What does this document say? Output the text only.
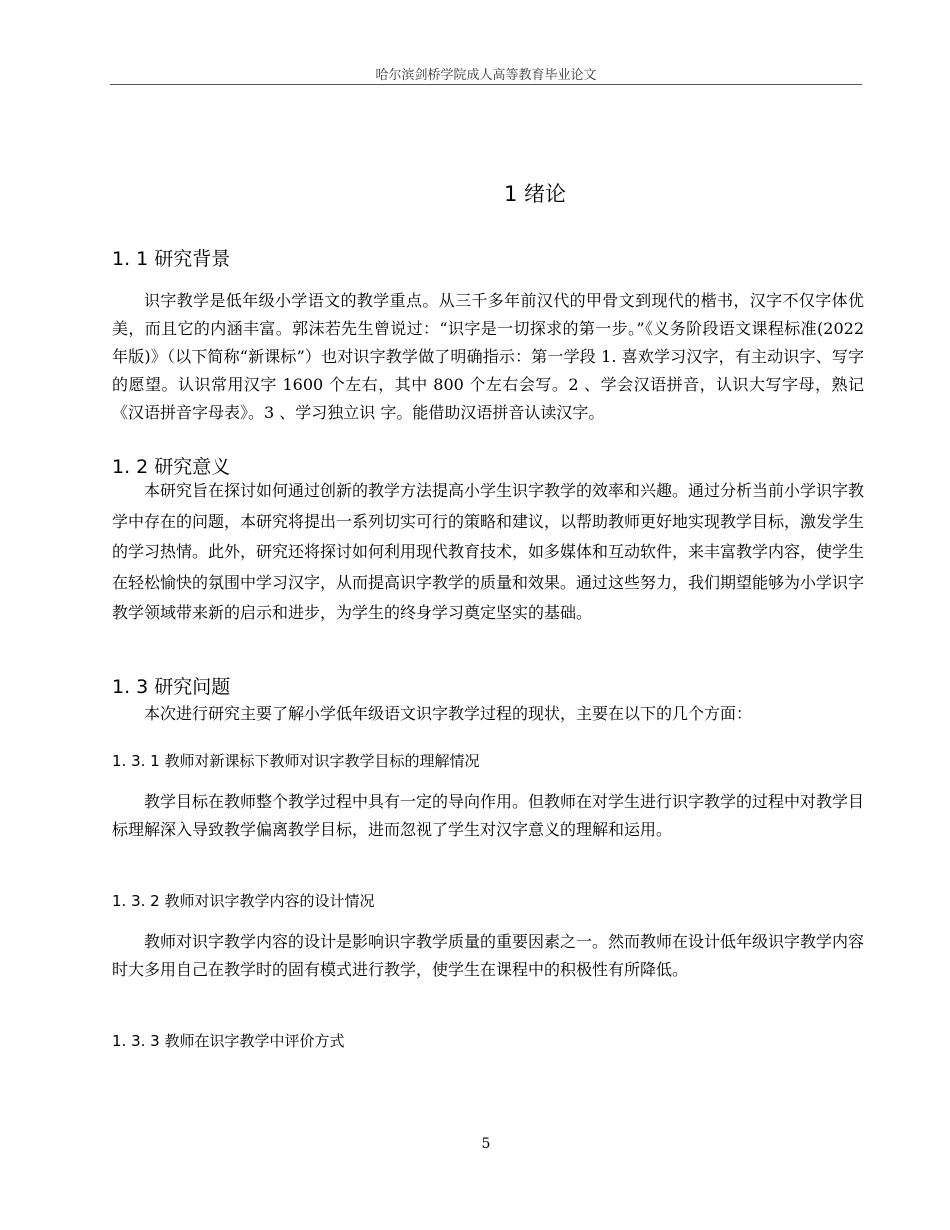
哈尔滨剑桥学院成人高等教育毕业论文
1 绪论
1. 1 研究背景
识字教学是低年级小学语文的教学重点。从三千多年前汉代的甲骨文到现代的楷书，汉字不仅字体优美，而且它的内涵丰富。郭沫若先生曾说过：“识字是一切探求的第一步。”《义务阶段语文课程标准(2022 年版)》（以下简称“新课标”）也对识字教学做了明确指示：第一学段 1. 喜欢学习汉字，有主动识字、写字的愿望。认识常用汉字 1600 个左右，其中 800 个左右会写。2 、学会汉语拼音，认识大写字母，熟记《汉语拼音字母表》。3 、学习独立识 字。能借助汉语拼音认读汉字。
1. 2 研究意义
本研究旨在探讨如何通过创新的教学方法提高小学生识字教学的效率和兴趣。通过分析当前小学识字教学中存在的问题，本研究将提出一系列切实可行的策略和建议，以帮助教师更好地实现教学目标，激发学生的学习热情。此外，研究还将探讨如何利用现代教育技术，如多媒体和互动软件，来丰富教学内容，使学生在轻松愉快的氛围中学习汉字，从而提高识字教学的质量和效果。通过这些努力，我们期望能够为小学识字教学领域带来新的启示和进步，为学生的终身学习奠定坚实的基础。
1. 3 研究问题
本次进行研究主要了解小学低年级语文识字教学过程的现状，主要在以下的几个方面：
1. 3. 1 教师对新课标下教师对识字教学目标的理解情况
教学目标在教师整个教学过程中具有一定的导向作用。但教师在对学生进行识字教学的过程中对教学目标理解深入导致教学偏离教学目标，进而忽视了学生对汉字意义的理解和运用。
1. 3. 2 教师对识字教学内容的设计情况
教师对识字教学内容的设计是影响识字教学质量的重要因素之一。然而教师在设计低年级识字教学内容时大多用自己在教学时的固有模式进行教学，使学生在课程中的积极性有所降低。
1. 3. 3 教师在识字教学中评价方式
5
